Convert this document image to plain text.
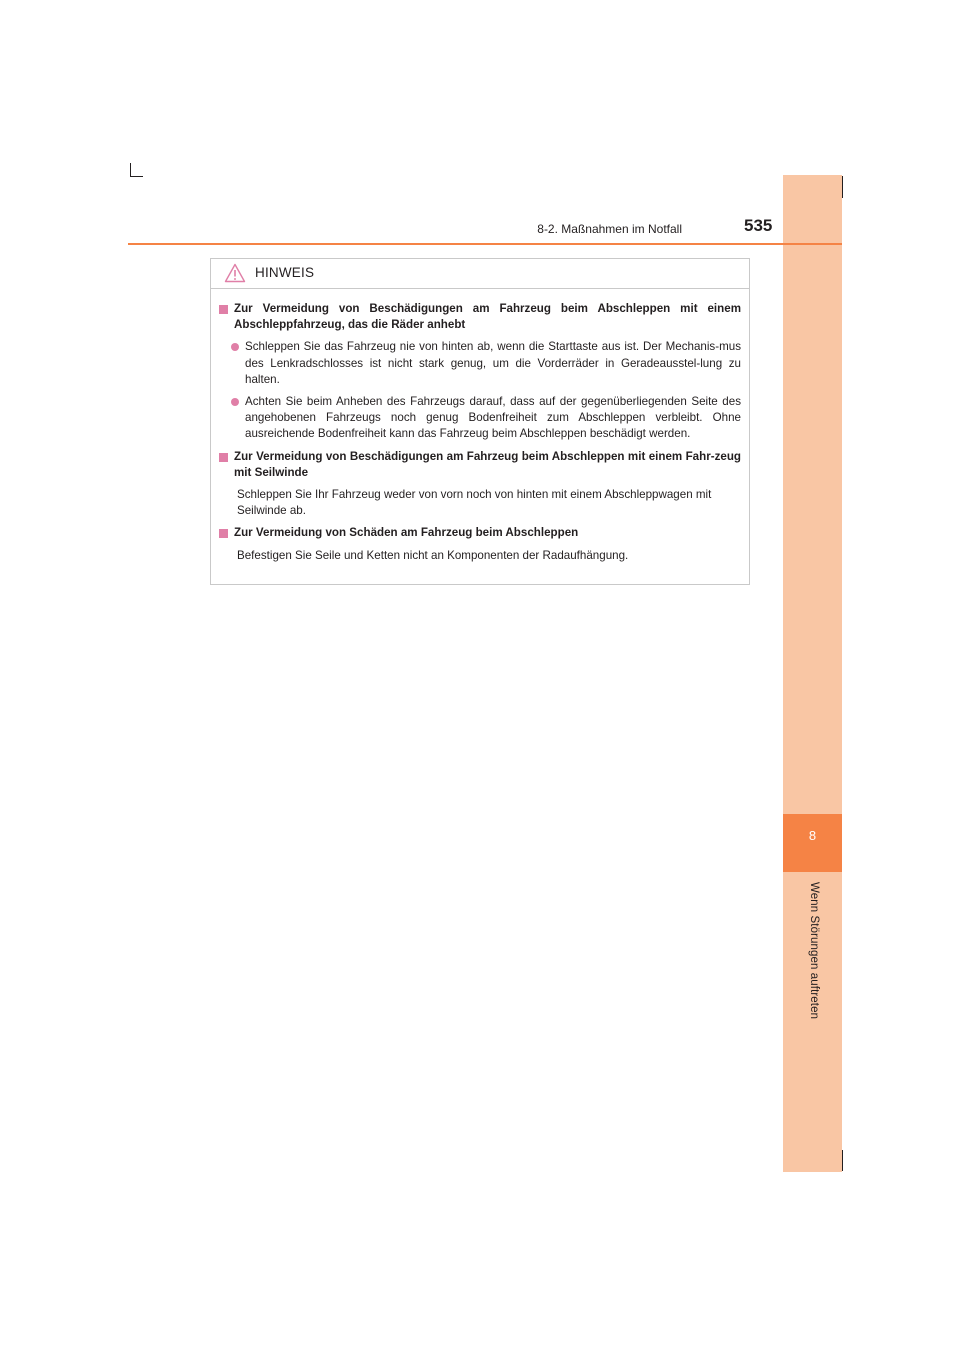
8
Wenn Störungen auftreten
8-2. Maßnahmen im Notfall	535
HINWEIS
Zur Vermeidung von Beschädigungen am Fahrzeug beim Abschleppen mit einem Abschleppfahrzeug, das die Räder anhebt
Schleppen Sie das Fahrzeug nie von hinten ab, wenn die Starttaste aus ist. Der Mechanis-mus des Lenkradschlosses ist nicht stark genug, um die Vorderräder in Geradeausstel-lung zu halten.
Achten Sie beim Anheben des Fahrzeugs darauf, dass auf der gegenüberliegenden Seite des angehobenen Fahrzeugs noch genug Bodenfreiheit zum Abschleppen verbleibt. Ohne ausreichende Bodenfreiheit kann das Fahrzeug beim Abschleppen beschädigt werden.
Zur Vermeidung von Beschädigungen am Fahrzeug beim Abschleppen mit einem Fahr-zeug mit Seilwinde
Schleppen Sie Ihr Fahrzeug weder von vorn noch von hinten mit einem Abschleppwagen mit Seilwinde ab.
Zur Vermeidung von Schäden am Fahrzeug beim Abschleppen
Befestigen Sie Seile und Ketten nicht an Komponenten der Radaufhängung.
